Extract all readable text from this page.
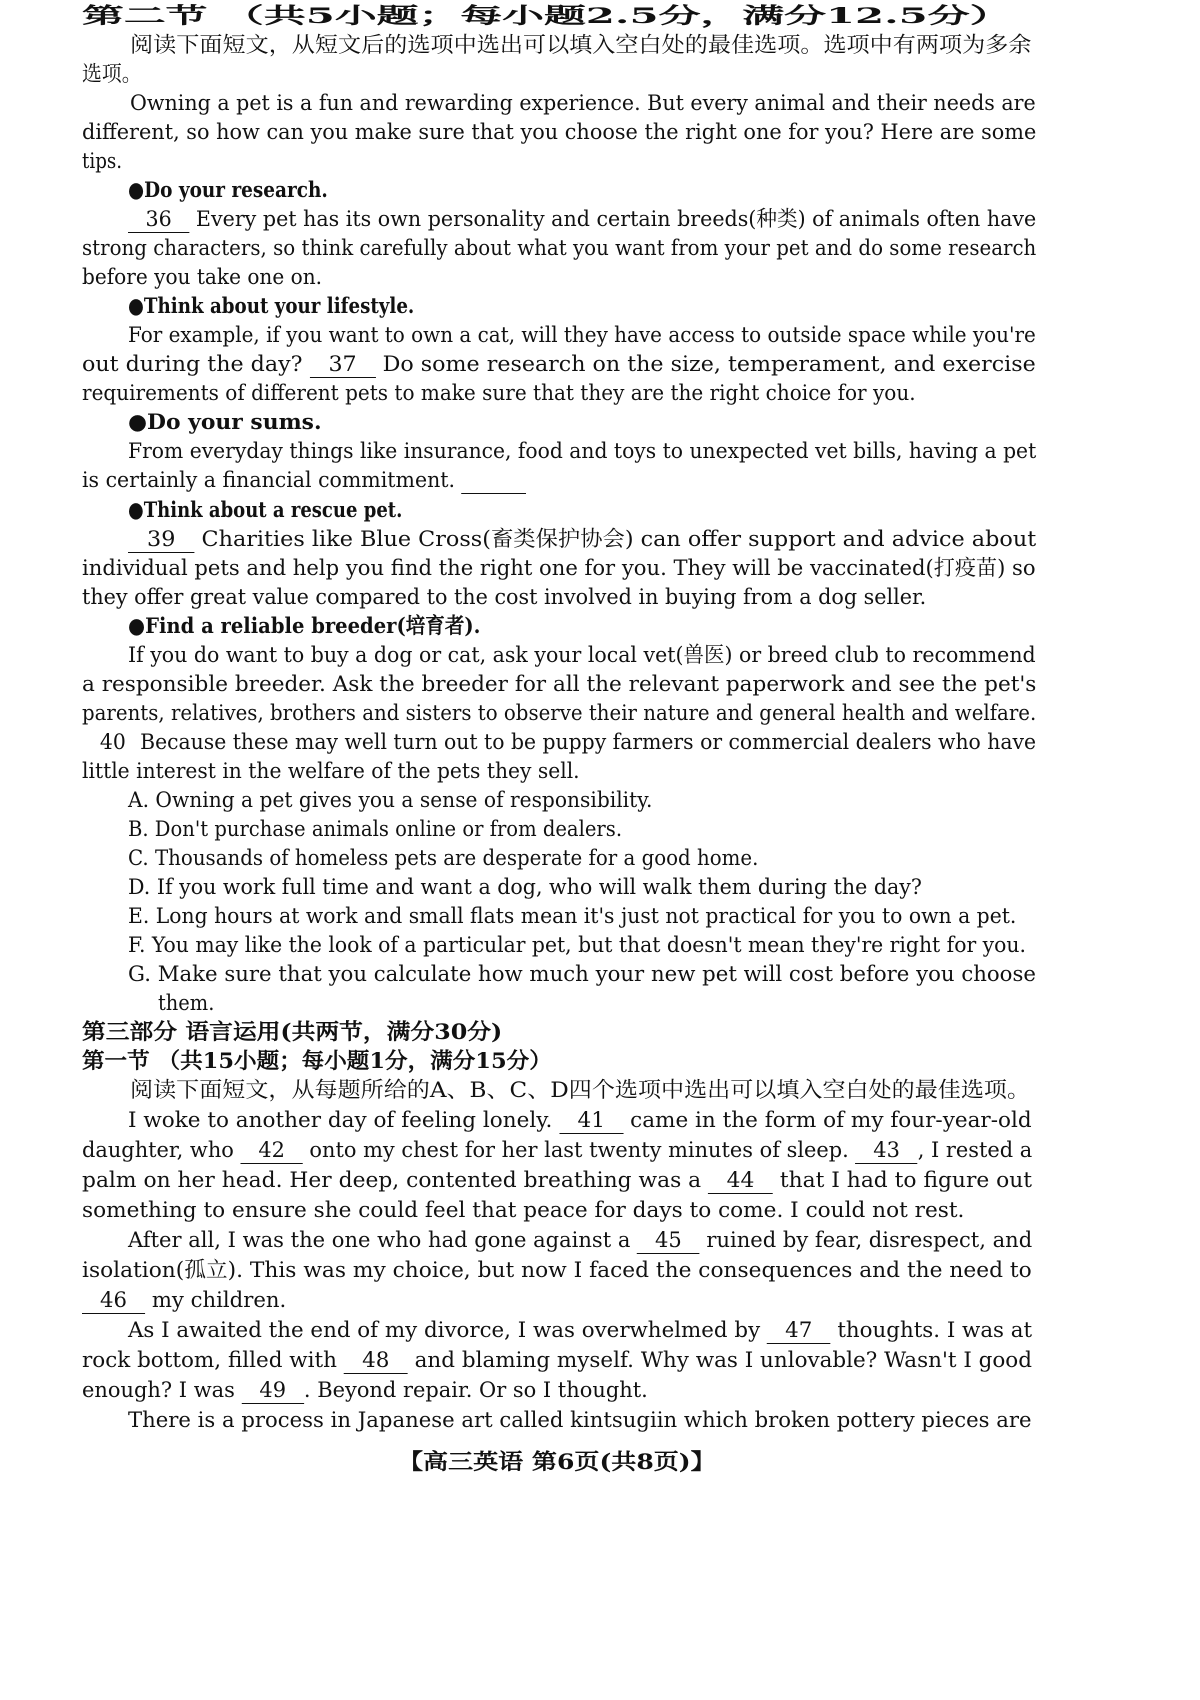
第二节 （共5小题；每小题2.5分，满分12.5分）
阅读下面短文，从短文后的选项中选出可以填入空白处的最佳选项。选项中有两项为多余
选项。
Owning a pet is a fun and rewarding experience. But every animal and their needs are
different, so how can you make sure that you choose the right one for you? Here are some
tips.
●Do your research.
36 Every pet has its own personality and certain breeds(种类) of animals often have
strong characters, so think carefully about what you want from your pet and do some research
before you take one on.
●Think about your lifestyle.
For example, if you want to own a cat, will they have access to outside space while you're
out during the day? 37 Do some research on the size, temperament, and exercise
requirements of different pets to make sure that they are the right choice for you.
●Do your sums.
From everyday things like insurance, food and toys to unexpected vet bills, having a pet
is certainly a financial commitment.
●Think about a rescue pet.
39 Charities like Blue Cross(畜类保护协会) can offer support and advice about
individual pets and help you find the right one for you. They will be vaccinated(打疫苗) so
they offer great value compared to the cost involved in buying from a dog seller.
●Find a reliable breeder(培育者).
If you do want to buy a dog or cat, ask your local vet(兽医) or breed club to recommend
a responsible breeder. Ask the breeder for all the relevant paperwork and see the pet's
parents, relatives, brothers and sisters to observe their nature and general health and welfare.
40 Because these may well turn out to be puppy farmers or commercial dealers who have
little interest in the welfare of the pets they sell.
A. Owning a pet gives you a sense of responsibility.
B. Don't purchase animals online or from dealers.
C. Thousands of homeless pets are desperate for a good home.
D. If you work full time and want a dog, who will walk them during the day?
E. Long hours at work and small flats mean it's just not practical for you to own a pet.
F. You may like the look of a particular pet, but that doesn't mean they're right for you.
G. Make sure that you calculate how much your new pet will cost before you choose
them.
第三部分 语言运用(共两节，满分30分)
第一节 （共15小题；每小题1分，满分15分）
阅读下面短文，从每题所给的A、B、C、D四个选项中选出可以填入空白处的最佳选项。
I woke to another day of feeling lonely. 41 came in the form of my four-year-old
daughter, who 42 onto my chest for her last twenty minutes of sleep. 43 , I rested a
palm on her head. Her deep, contented breathing was a 44 that I had to figure out
something to ensure she could feel that peace for days to come. I could not rest.
After all, I was the one who had gone against a 45 ruined by fear, disrespect, and
isolation(孤立). This was my choice, but now I faced the consequences and the need to
46 my children.
As I awaited the end of my divorce, I was overwhelmed by 47 thoughts. I was at
rock bottom, filled with 48 and blaming myself. Why was I unlovable? Wasn't I good
enough? I was 49 . Beyond repair. Or so I thought.
There is a process in Japanese art called kintsugiin which broken pottery pieces are
【高三英语 第6页(共8页)】
